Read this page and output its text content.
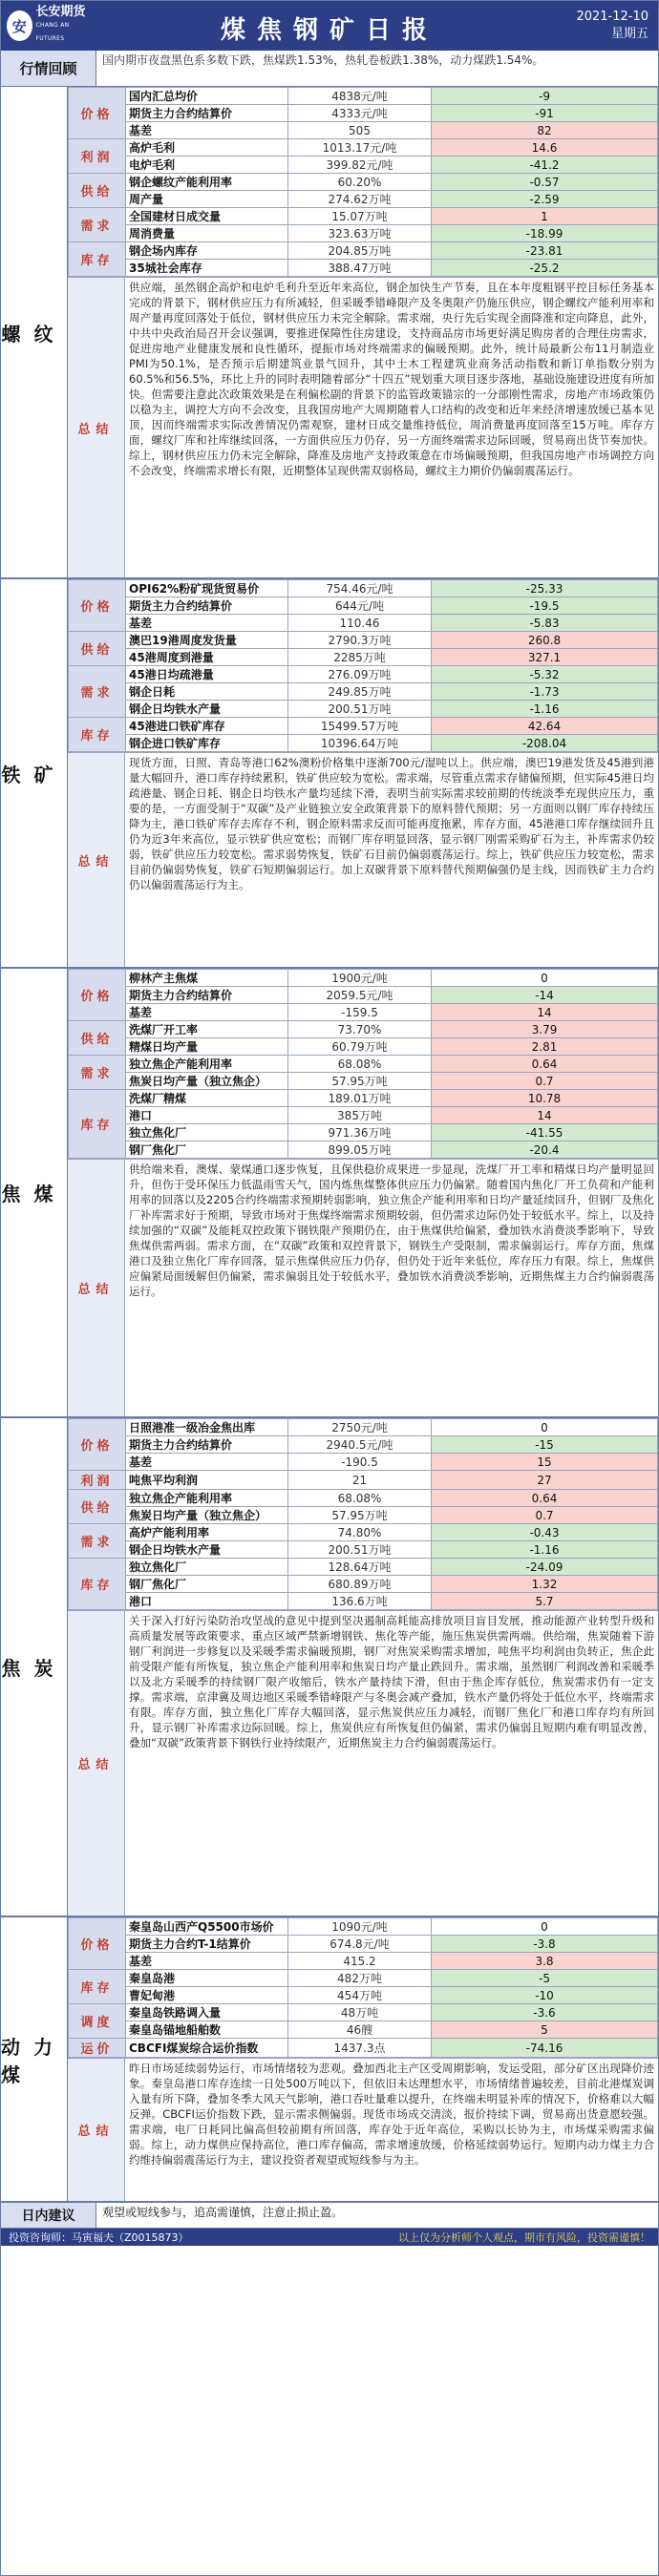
安
长安期货
CHANG AN FUTURES	煤焦钢矿日报	2021-12-10
星期五
行情回顾	国内期市夜盘黑色系多数下跌，焦煤跌1.53%，热轧卷板跌1.38%，动力煤跌1.54%。
螺纹
价格	国内汇总均价	4838元/吨	-9
	期货主力合约结算价	4333元/吨	-91
	基差	505	82
利润	高炉毛利	1013.17元/吨	14.6
	电炉毛利	399.82元/吨	-41.2
供给	钢企螺纹产能利用率	60.20%	-0.57
	周产量	274.62万吨	-2.59
需求	全国建材日成交量	15.07万吨	1
	周消费量	323.63万吨	-18.99
库存	钢企场内库存	204.85万吨	-23.81
	35城社会库存	388.47万吨	-25.2
总结
供应端，虽然钢企高炉和电炉毛利升至近年来高位，钢企加快生产节奏，且在本年度粗钢平控目标任务基本完成的背景下，钢材供应压力有所减轻，但采暖季错峰限产及冬奥限产仍施压供应，钢企螺纹产能利用率和周产量再度回落处于低位，钢材供应压力未完全解除。需求端，央行先后实现全面降准和定向降息，此外，中共中央政治局召开会议强调，要推进保障性住房建设，支持商品房市场更好满足购房者的合理住房需求，促进房地产业健康发展和良性循环，提振市场对终端需求的偏暖预期。此外，统计局最新公布11月制造业PMI为50.1%，是否预示后期建筑业景气回升，其中土木工程建筑业商务活动指数和新订单指数分别为60.5%和56.5%，环比上升的同时表明随着部分“十四五”规划重大项目逐步落地，基础设施建设进度有所加快。但需要注意此次政策效果是在利偏松副的背景下的监管政策锚宗的一分部刚性需求，房地产市场政策仍以稳为主，调控大方向不会改变，且我国房地产大周期随着人口结构的改变和近年来经济增速放缓已基本见顶，因而终端需求实际改善情况仍需观察，建材日成交量维持低位，周消费量再度回落至15万吨。库存方面，螺纹厂库和社库继续回落，一方面供应压力仍存，另一方面终端需求边际回暖，贸易商出货节奏加快。综上，钢材供应压力仍未完全解除，降准及房地产支持政策意在市场偏暖预期，但我国房地产市场调控方向不会改变，终端需求增长有限，近期整体呈现供需双弱格局，螺纹主力期价仍偏弱震荡运行。
铁矿
价格	OPI62%粉矿现货贸易价	754.46元/吨	-25.33
	期货主力合约结算价	644元/吨	-19.5
	基差	110.46	-5.83
供给	澳巴19港周度发货量	2790.3万吨	260.8
	45港周度到港量	2285万吨	327.1
需求	45港日均疏港量	276.09万吨	-5.32
	钢企日耗	249.85万吨	-1.73
	钢企日均铁水产量	200.51万吨	-1.16
库存	45港进口铁矿库存	15499.57万吨	42.64
	钢企进口铁矿库存	10396.64万吨	-208.04
总结
现货方面，日照、青岛等港口62%澳粉价格集中逐渐700元/湿吨以上。供应端，澳巴19港发货及45港到港量大幅回升，港口库存持续累积，铁矿供应较为宽松。需求端，尽管重点需求存储偏预期，但实际45港日均疏港量、钢企日耗、钢企日均铁水产量均延续下滑，表明当前实际需求较前期的传统淡季充现供应压力，重要的是，一方面受制于“双碳”及产业链独立安全政策背景下的原料替代预期；另一方面则以钢厂库存持续压降为主，港口铁矿库存去库存不利，钢企原料需求反而可能再度拖累，库存方面，45港港口库存继续回升且仍为近3年来高位，显示铁矿供应宽松；而钢厂库存明显回落，显示钢厂刚需采购矿石为主，补库需求仍较弱，铁矿供应压力较宽松。需求弱势恢复，铁矿石目前仍偏弱震荡运行。综上，铁矿供应压力较宽松，需求目前仍偏弱势恢复，铁矿石短期偏弱运行。加上双碳背景下原料替代预期偏强仍是主线，因而铁矿主力合约仍以偏弱震荡运行为主。
焦煤
价格	柳林产主焦煤	1900元/吨	0
	期货主力合约结算价	2059.5元/吨	-14
	基差	-159.5	14
供给	洗煤厂开工率	73.70%	3.79
	精煤日均产量	60.79万吨	2.81
需求	独立焦企产能利用率	68.08%	0.64
	焦炭日均产量（独立焦企）	57.95万吨	0.7
库存	洗煤厂精煤	189.01万吨	10.78
	港口	385万吨	14
	独立焦化厂	971.36万吨	-41.55
	钢厂焦化厂	899.05万吨	-20.4
总结
供给端来看，澳煤、蒙煤通口逐步恢复，且保供稳价成果进一步显现，洗煤厂开工率和精煤日均产量明显回升，但伤于受环保压力低温雨雪天气，国内炼焦煤整体供应压力仍偏紧。随着国内焦化厂开工负荷和产能利用率的回落以及2205合约终端需求预期转弱影响，独立焦企产能利用率和日均产量延续回升，但钢厂及焦化厂补库需求好于预期，导致市场对于焦煤终端需求预期较弱，但仍需求边际仍处于较低水平。综上，以及持续加强的“双碳”及能耗双控政策下钢铁限产预期仍在，由于焦煤供给偏紧，叠加铁水消费淡季影响下，导致焦煤供需两弱。需求方面，在“双碳”政策和双控背景下，钢铁生产受限制，需求偏弱运行。库存方面，焦煤港口及独立焦化厂库存回落，显示焦煤供应压力仍存，但仍处于近年来低位，库存压力有限。综上，焦煤供应偏紧局面缓解但仍偏紧，需求偏弱且处于较低水平，叠加铁水消费淡季影响，近期焦煤主力合约偏弱震荡运行。
焦炭
价格	日照港准一级冶金焦出库	2750元/吨	0
	期货主力合约结算价	2940.5元/吨	-15
	基差	-190.5	15
利润	吨焦平均利润	21	27
供给	独立焦企产能利用率	68.08%	0.64
	焦炭日均产量（独立焦企）	57.95万吨	0.7
需求	高炉产能利用率	74.80%	-0.43
	钢企日均铁水产量	200.51万吨	-1.16
库存	独立焦化厂	128.64万吨	-24.09
	钢厂焦化厂	680.89万吨	1.32
	港口	136.6万吨	5.7
总结
关于深入打好污染防治攻坚战的意见中提到坚决遏制高耗能高排放项目盲目发展，推动能源产业转型升级和高质量发展等政策要求，重点区域严禁新增钢铁、焦化等产能，施压焦炭供需两端。供给端，焦炭随着下游钢厂利润进一步修复以及采暖季需求偏暖预期，钢厂对焦炭采购需求增加，吨焦平均利润由负转正，焦企此前受限产能有所恢复，独立焦企产能利用率和焦炭日均产量止跌回升。需求端，虽然钢厂利润改善和采暖季以及北方采暖季的持续钢厂限产收缩后，铁水产量持续下滑，但由于焦企库存低位，焦炭需求仍有一定支撑。需求端，京津冀及周边地区采暖季错峰限产与冬奥会减产叠加，铁水产量仍将处于低位水平，终端需求有限。库存方面，独立焦化厂库存大幅回落，显示焦炭供应压力减轻，而钢厂焦化厂和港口库存均有所回升，显示钢厂补库需求边际回暖。综上，焦炭供应有所恢复但仍偏紧，需求仍偏弱且短期内难有明显改善，叠加“双碳”政策背景下钢铁行业持续限产，近期焦炭主力合约偏弱震荡运行。
动力煤
价格	秦皇岛山西产Q5500市场价	1090元/吨	0
	期货主力合约T-1结算价	674.8元/吨	-3.8
	基差	415.2	3.8
库存	秦皇岛港	482万吨	-5
	曹妃甸港	454万吨	-10
调度	秦皇岛铁路调入量	48万吨	-3.6
	秦皇岛锚地船舶数	46艘	5
运价	CBCFI煤炭综合运价指数	1437.3点	-74.16
总结
昨日市场延续弱势运行，市场情绪较为悲观。叠加西北主产区受周期影响，发运受阻，部分矿区出现降价迹象。秦皇岛港口库存连续一日处500万吨以下，但依旧未达理想水平，市场情绪普遍较差，目前北港煤炭调入量有所下降，叠加冬季大风天气影响，港口吞吐量难以提升，在终端未明显补库的情况下，价格难以大幅反弹。CBCFI运价指数下跌，显示需求侧偏弱。现货市场成交清淡，报价持续下调，贸易商出货意愿较强。需求端，电厂日耗同比偏高但较前期有所回落，库存处于近年高位，采购以长协为主，市场煤采购需求偏弱。综上，动力煤供应保持高位，港口库存偏高，需求增速放缓，价格延续弱势运行。短期内动力煤主力合约维持偏弱震荡运行为主，建议投资者观望或短线参与为主。
日内建议	观望或短线参与，追高需谨慎，注意止损止盈。
投资咨询师：马寅福夫（Z0015873）	以上仅为分析师个人观点，期市有风险，投资需谨慎！
